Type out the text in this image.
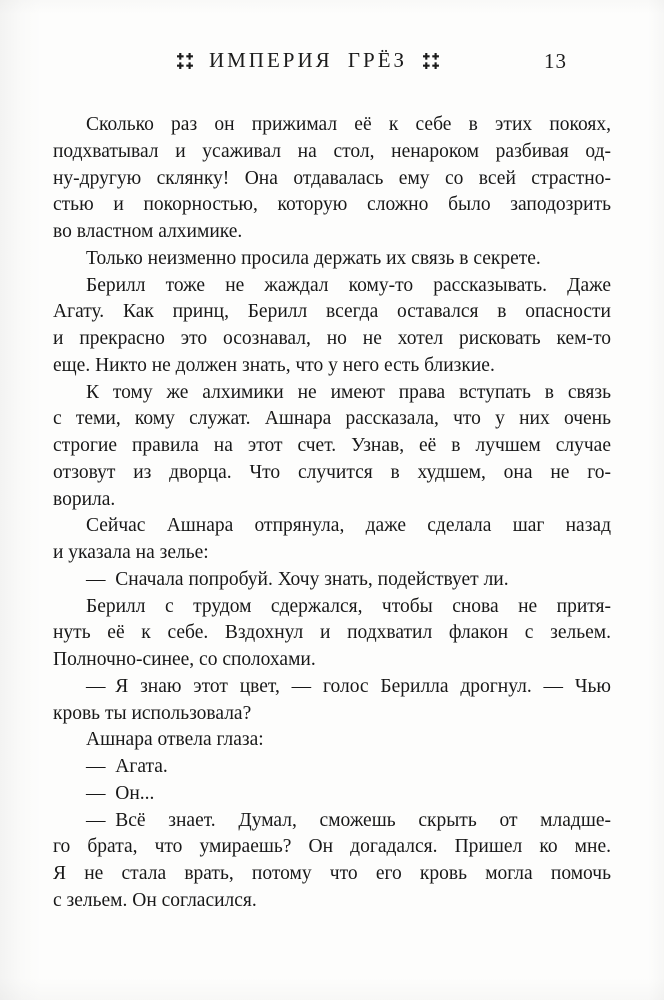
ИМПЕРИЯ ГРЁЗ	13
Сколько раз он прижимал её к себе в этих покоях,
подхватывал и усаживал на стол, ненароком разбивая од-
ну-другую склянку! Она отдавалась ему со всей страстно-
стью и покорностью, которую сложно было заподозрить
во властном алхимике.
Только неизменно просила держать их связь в секрете.
Берилл тоже не жаждал кому-то рассказывать. Даже
Агату. Как принц, Берилл всегда оставался в опасности
и прекрасно это осознавал, но не хотел рисковать кем-то
еще. Никто не должен знать, что у него есть близкие.
К тому же алхимики не имеют права вступать в связь
с теми, кому служат. Ашнара рассказала, что у них очень
строгие правила на этот счет. Узнав, её в лучшем случае
отзовут из дворца. Что случится в худшем, она не го-
ворила.
Сейчас Ашнара отпрянула, даже сделала шаг назад
и указала на зелье:
— Сначала попробуй. Хочу знать, подействует ли.
Берилл с трудом сдержался, чтобы снова не притя-
нуть её к себе. Вздохнул и подхватил флакон с зельем.
Полночно-синее, со сполохами.
— Я знаю этот цвет, — голос Берилла дрогнул. — Чью
кровь ты использовала?
Ашнара отвела глаза:
— Агата.
— Он...
— Всё знает. Думал, сможешь скрыть от младше-
го брата, что умираешь? Он догадался. Пришел ко мне.
Я не стала врать, потому что его кровь могла помочь
с зельем. Он согласился.
